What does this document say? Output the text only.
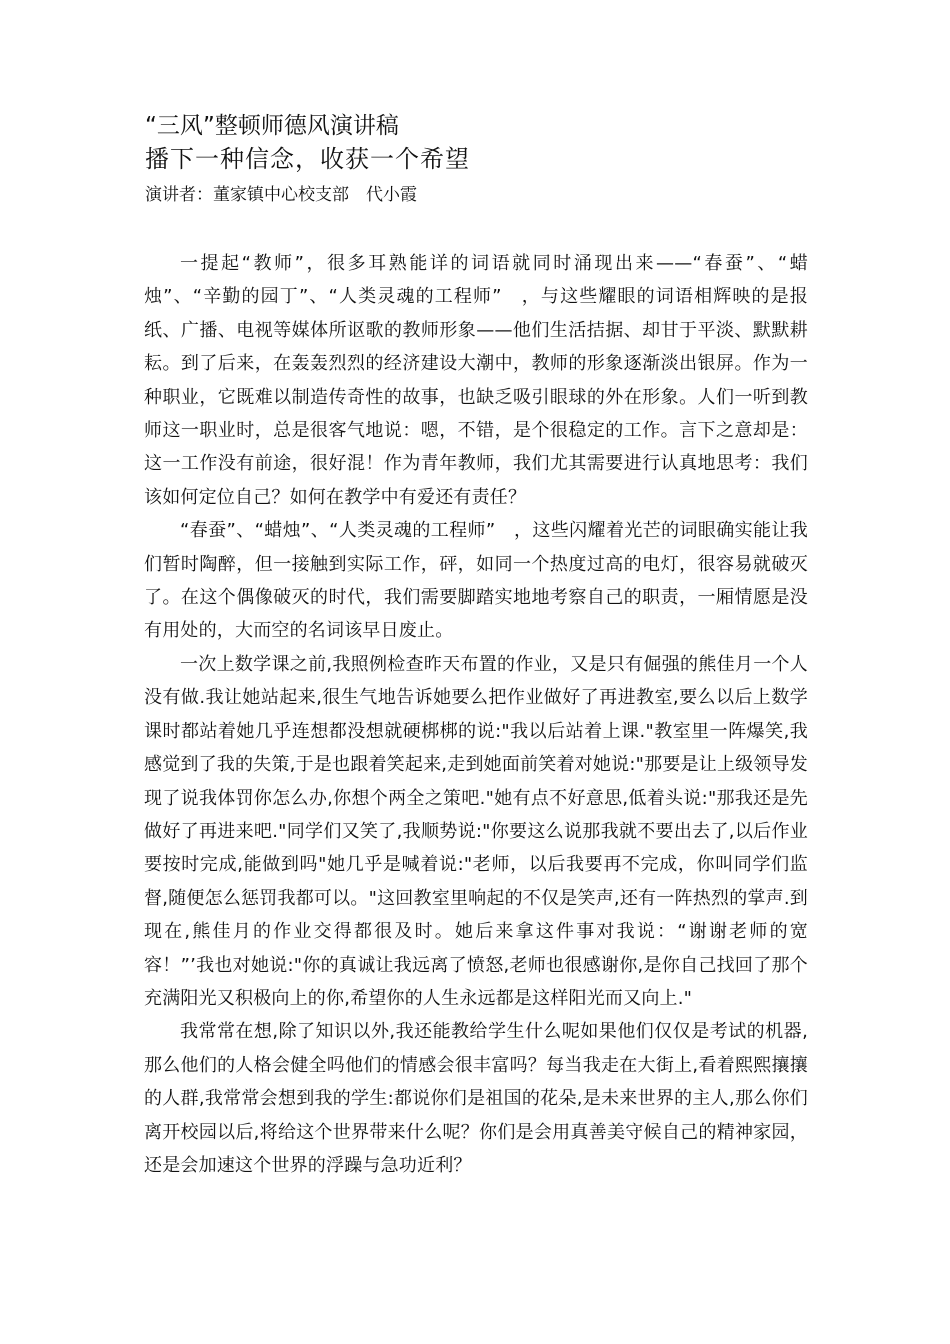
“三风”整顿师德风演讲稿
播下一种信念，收获一个希望
演讲者：董家镇中心校支部　代小霞

一提起“教师”，很多耳熟能详的词语就同时涌现出来——“春蚕”、“蜡烛”、“辛勤的园丁”、“人类灵魂的工程师”　，与这些耀眼的词语相辉映的是报纸、广播、电视等媒体所讴歌的教师形象——他们生活拮据、却甘于平淡、默默耕耘。到了后来，在轰轰烈烈的经济建设大潮中，教师的形象逐渐淡出银屏。作为一种职业，它既难以制造传奇性的故事，也缺乏吸引眼球的外在形象。人们一听到教师这一职业时，总是很客气地说：嗯，不错，是个很稳定的工作。言下之意却是：这一工作没有前途，很好混！作为青年教师，我们尤其需要进行认真地思考：我们该如何定位自己？如何在教学中有爱还有责任？

“春蚕”、“蜡烛”、“人类灵魂的工程师”　，这些闪耀着光芒的词眼确实能让我们暂时陶醉，但一接触到实际工作，砰，如同一个热度过高的电灯，很容易就破灭了。在这个偶像破灭的时代，我们需要脚踏实地地考察自己的职责，一厢情愿是没有用处的，大而空的名词该早日废止。

一次上数学课之前,我照例检查昨天布置的作业，又是只有倔强的熊佳月一个人没有做.我让她站起来,很生气地告诉她要么把作业做好了再进教室,要么以后上数学课时都站着她几乎连想都没想就硬梆梆的说:"我以后站着上课."教室里一阵爆笑,我感觉到了我的失策,于是也跟着笑起来,走到她面前笑着对她说:"那要是让上级领导发现了说我体罚你怎么办,你想个两全之策吧."她有点不好意思,低着头说:"那我还是先做好了再进来吧."同学们又笑了,我顺势说:"你要这么说那我就不要出去了,以后作业要按时完成,能做到吗"她几乎是喊着说:"老师，以后我要再不完成，你叫同学们监督,随便怎么惩罚我都可以。"这回教室里响起的不仅是笑声,还有一阵热烈的掌声.到现在,熊佳月的作业交得都很及时。她后来拿这件事对我说：“谢谢老师的宽容！”’我也对她说:"你的真诚让我远离了愤怒,老师也很感谢你,是你自己找回了那个充满阳光又积极向上的你,希望你的人生永远都是这样阳光而又向上."

我常常在想,除了知识以外,我还能教给学生什么呢如果他们仅仅是考试的机器,那么他们的人格会健全吗他们的情感会很丰富吗？每当我走在大街上,看着熙熙攘攘的人群,我常常会想到我的学生:都说你们是祖国的花朵,是未来世界的主人,那么你们离开校园以后,将给这个世界带来什么呢？你们是会用真善美守候自己的精神家园，还是会加速这个世界的浮躁与急功近利？
